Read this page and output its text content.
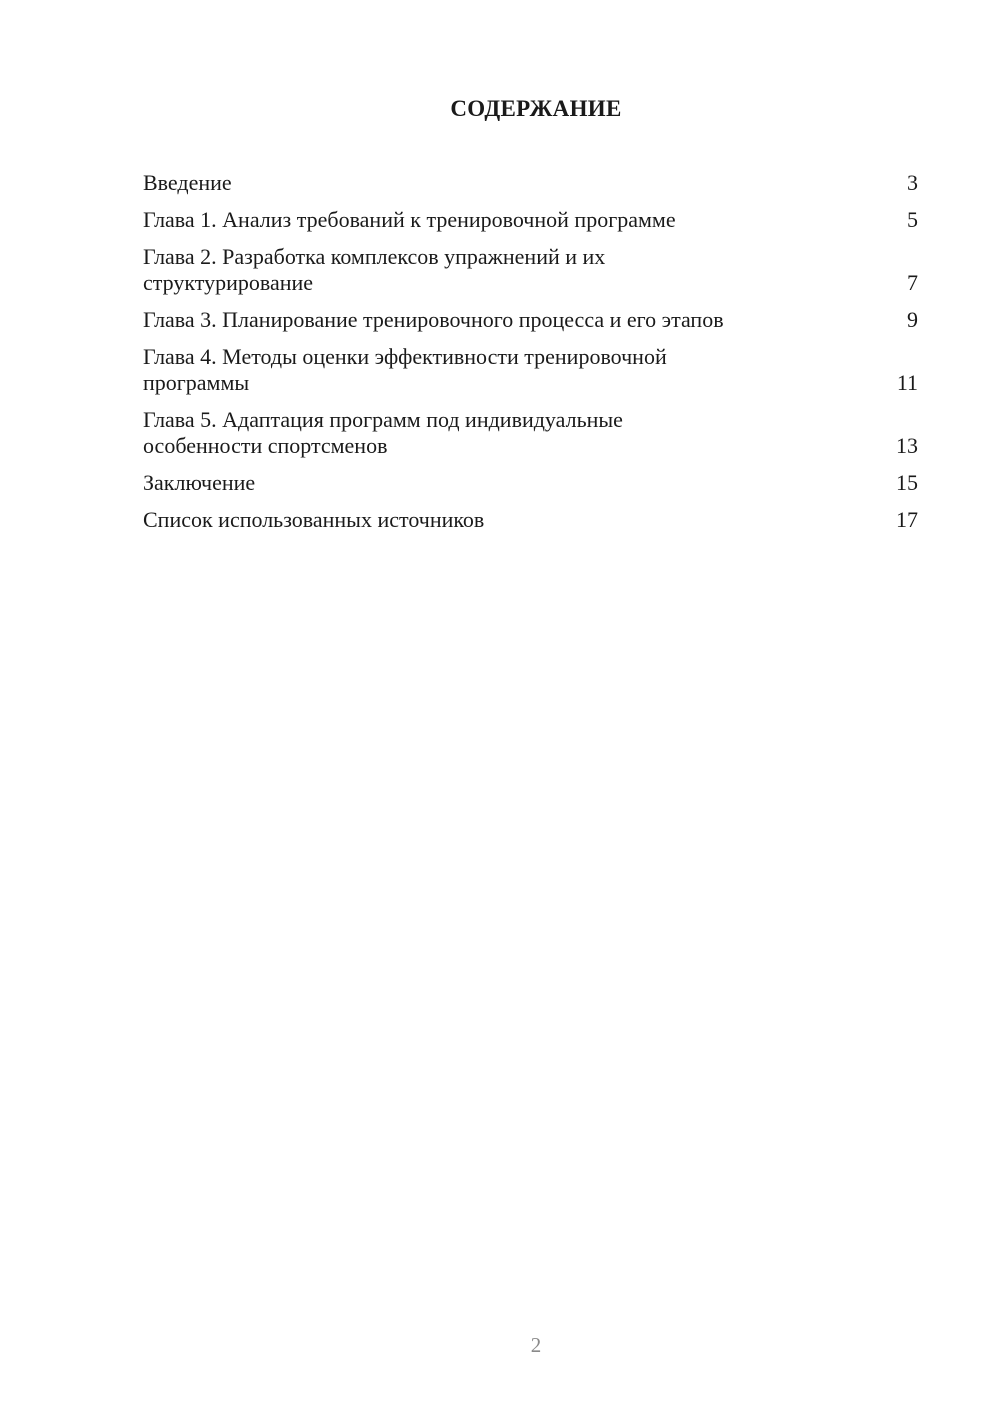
СОДЕРЖАНИЕ
Введение	3
Глава 1. Анализ требований к тренировочной программе	5
Глава 2. Разработка комплексов упражнений и их структурирование	7
Глава 3. Планирование тренировочного процесса и его этапов	9
Глава 4. Методы оценки эффективности тренировочной программы	11
Глава 5. Адаптация программ под индивидуальные особенности спортсменов	13
Заключение	15
Список использованных источников	17
2
